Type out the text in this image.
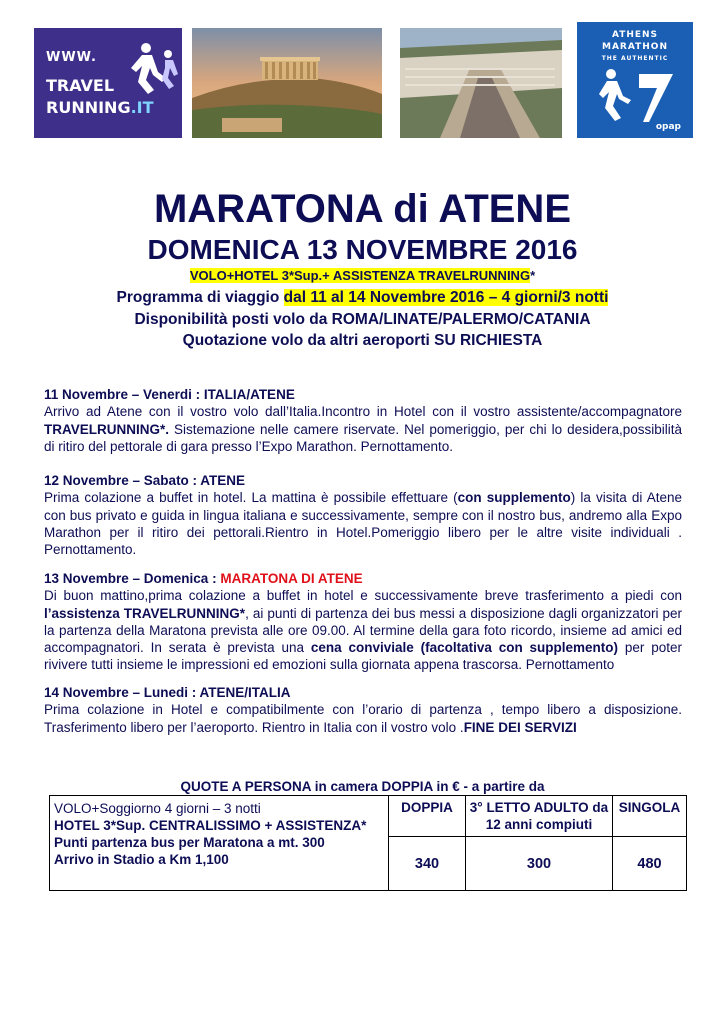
WWW.
TRAVEL
RUNNING.IT
ATHENS
MARATHON
THE AUTHENTIC
opap
MARATONA di ATENE
DOMENICA 13 NOVEMBRE 2016
VOLO+HOTEL 3*Sup.+ ASSISTENZA TRAVELRUNNING*
Programma di viaggio dal 11 al 14 Novembre 2016 – 4 giorni/3 notti
Disponibilità posti volo da ROMA/LINATE/PALERMO/CATANIA
Quotazione volo da altri aeroporti SU RICHIESTA
11 Novembre – Venerdi : ITALIA/ATENE
Arrivo ad Atene con il vostro volo dall’Italia.Incontro in Hotel con il vostro assistente/accompagnatore TRAVELRUNNING*. Sistemazione nelle camere riservate. Nel pomeriggio, per chi lo desidera,possibilità di ritiro del pettorale di gara presso l’Expo Marathon. Pernottamento.
12 Novembre – Sabato : ATENE
Prima colazione a buffet in hotel. La mattina è possibile effettuare (con supplemento) la visita di Atene con bus privato e guida in lingua italiana e successivamente, sempre con il nostro bus, andremo alla Expo Marathon per il ritiro dei pettorali.Rientro in Hotel.Pomeriggio libero per le altre visite individuali . Pernottamento.
13 Novembre – Domenica : MARATONA DI ATENE
Di buon mattino,prima colazione a buffet in hotel e successivamente breve trasferimento a piedi con l’assistenza TRAVELRUNNING*, ai punti di partenza dei bus messi a disposizione dagli organizzatori per la partenza della Maratona prevista alle ore 09.00. Al termine della gara foto ricordo, insieme ad amici ed accompagnatori. In serata è prevista una cena conviviale (facoltativa con supplemento) per poter rivivere tutti insieme le impressioni ed emozioni sulla giornata appena trascorsa. Pernottamento
14 Novembre – Lunedi : ATENE/ITALIA
Prima colazione in Hotel e compatibilmente con l’orario di partenza , tempo libero a disposizione. Trasferimento libero per l’aeroporto. Rientro in Italia con il vostro volo .FINE DEI SERVIZI
QUOTE A PERSONA in camera DOPPIA in € - a partire da
VOLO+Soggiorno 4 giorni – 3 notti
HOTEL 3*Sup. CENTRALISSIMO + ASSISTENZA*
Punti partenza bus per Maratona a mt. 300
Arrivo in Stadio a Km 1,100	DOPPIA	3° LETTO ADULTO da 12 anni compiuti	SINGOLA
	340	300	480
